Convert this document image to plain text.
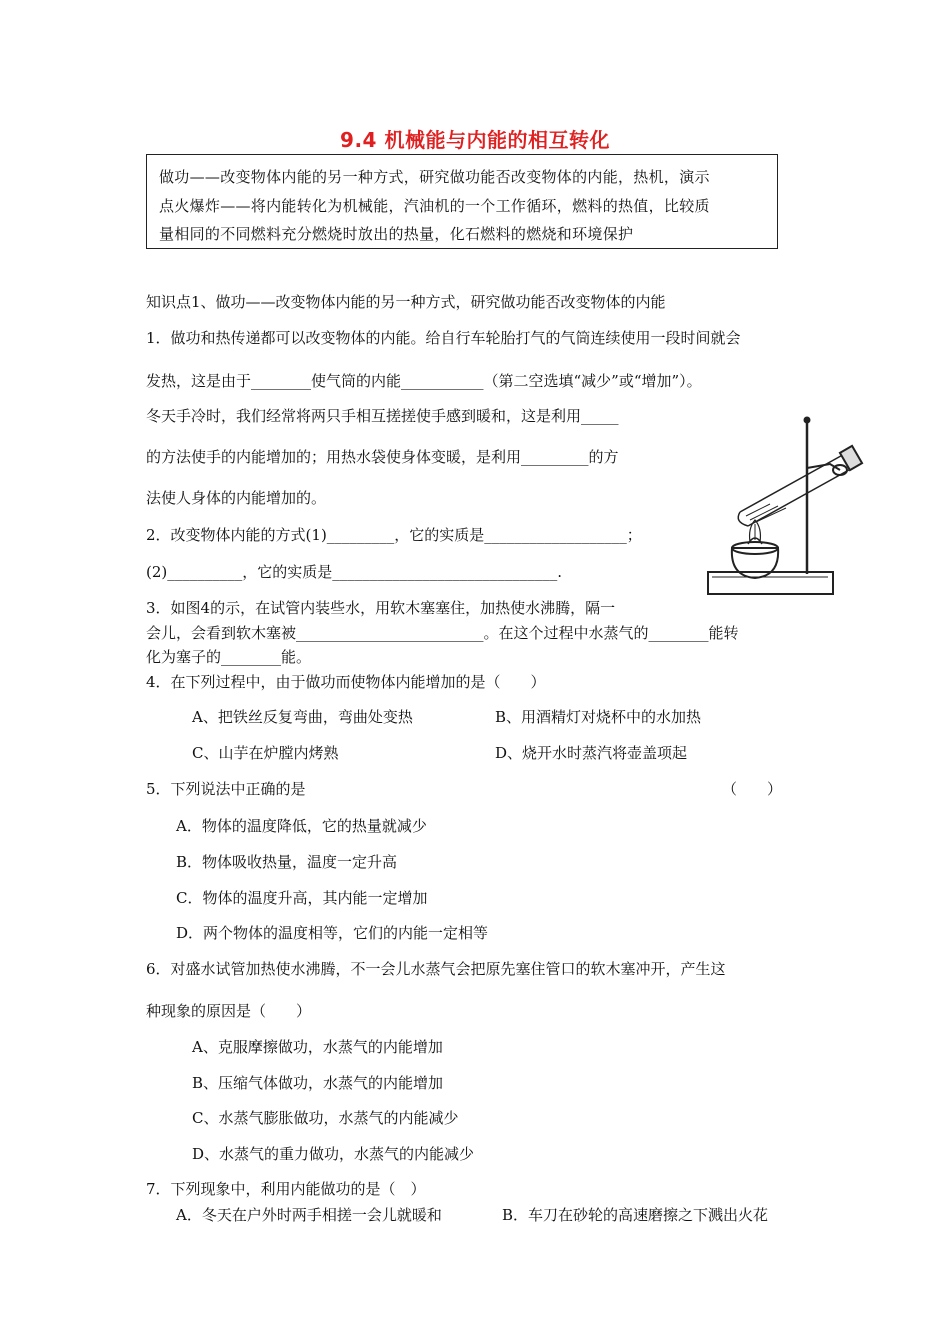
9.4 机械能与内能的相互转化
做功——改变物体内能的另一种方式，研究做功能否改变物体的内能，热机，演示
点火爆炸——将内能转化为机械能，汽油机的一个工作循环，燃料的热值，比较质
量相同的不同燃料充分燃烧时放出的热量，化石燃料的燃烧和环境保护
知识点1、做功——改变物体内能的另一种方式，研究做功能否改变物体的内能
1．做功和热传递都可以改变物体的内能。给自行车轮胎打气的气筒连续使用一段时间就会
发热，这是由于________使气筒的内能___________（第二空选填“减少”或“增加”）。
冬天手冷时，我们经常将两只手相互搓搓使手感到暖和，这是利用_____
的方法使手的内能增加的；用热水袋使身体变暖，是利用_________的方
法使人身体的内能增加的。
2．改变物体内能的方式(1)_________，它的实质是___________________；
(2)__________，它的实质是______________________________.
3．如图4的示，在试管内装些水，用软木塞塞住，加热使水沸腾，隔一
会儿，会看到软木塞被_________________________。在这个过程中水蒸气的________能转
化为塞子的________能。
4．在下列过程中，由于做功而使物体内能增加的是（　　）
A、把铁丝反复弯曲，弯曲处变热	B、用酒精灯对烧杯中的水加热
C、山芋在炉膛内烤熟	D、烧开水时蒸汽将壶盖项起
5．下列说法中正确的是	（　　）
A．物体的温度降低，它的热量就减少
B．物体吸收热量，温度一定升高
C．物体的温度升高，其内能一定增加
D．两个物体的温度相等，它们的内能一定相等
6．对盛水试管加热使水沸腾，不一会儿水蒸气会把原先塞住管口的软木塞冲开，产生这
种现象的原因是（　　）
A、克服摩擦做功，水蒸气的内能增加
B、压缩气体做功，水蒸气的内能增加
C、水蒸气膨胀做功，水蒸气的内能减少
D、水蒸气的重力做功，水蒸气的内能减少
7．下列现象中，利用内能做功的是（　）
A．冬天在户外时两手相搓一会儿就暖和	B．车刀在砂轮的高速磨擦之下溅出火花
